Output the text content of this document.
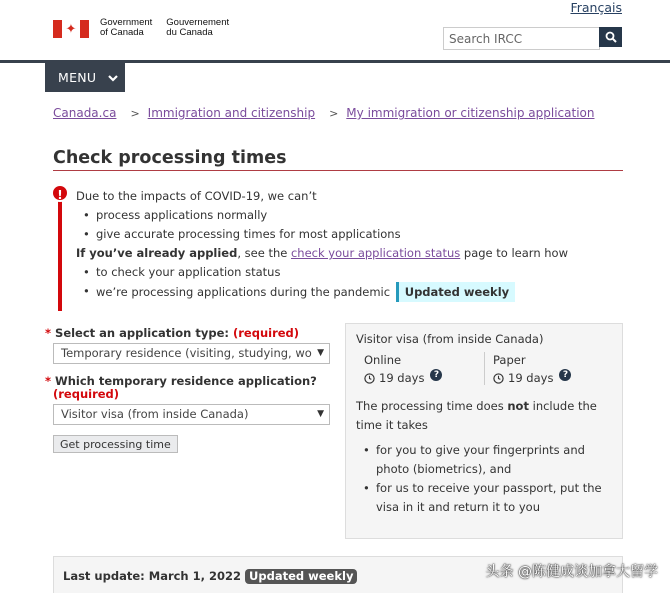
Français
✦	Government
of Canada
Gouvernement
du Canada
Search IRCC
MENU
Canada.ca > Immigration and citizenship > My immigration or citizenship application
Check processing times
!	Due to the impacts of COVID-19, we can’t
• process applications normally
• give accurate processing times for most applications
If you’ve already applied, see the check your application status page to learn how
• to check your application status
• we’re processing applications during the pandemic Updated weekly
* Select an application type: (required)
Temporary residence (visiting, studying, wo ▼
* Which temporary residence application?
(required)
Visitor visa (from inside Canada)	▼
Get processing time
Visitor visa (from inside Canada)
Online
19 days	?
Paper
19 days	?
The processing time does not include the time it takes
• for you to give your fingerprints and photo (biometrics), and
• for us to receive your passport, put the visa in it and return it to you
Last update: March 1, 2022 Updated weekly	头条 @陈健成谈加拿大留学
